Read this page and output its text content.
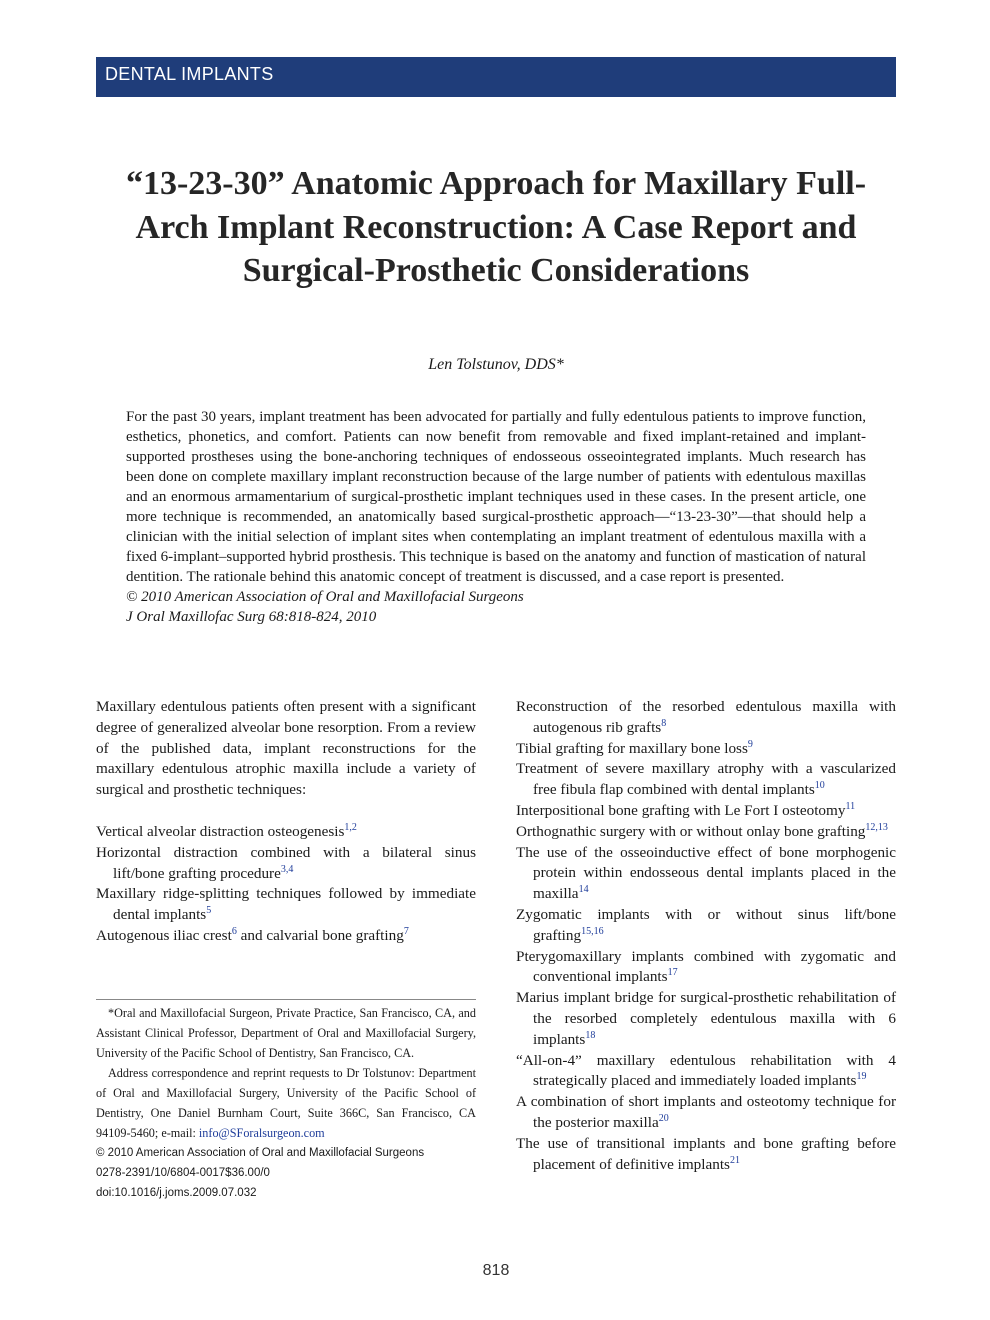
DENTAL IMPLANTS
“13-23-30” Anatomic Approach for Maxillary Full-Arch Implant Reconstruction: A Case Report and Surgical-Prosthetic Considerations
Len Tolstunov, DDS*

For the past 30 years, implant treatment has been advocated for partially and fully edentulous patients to improve function, esthetics, phonetics, and comfort. Patients can now benefit from removable and fixed implant-retained and implant-supported prostheses using the bone-anchoring techniques of endosseous osseointegrated implants. Much research has been done on complete maxillary implant reconstruction because of the large number of patients with edentulous maxillas and an enormous armamentarium of surgical-prosthetic implant techniques used in these cases. In the present article, one more technique is recommended, an anatomically based surgical-prosthetic approach—“13-23-30”—that should help a clinician with the initial selection of implant sites when contemplating an implant treatment of edentulous maxilla with a fixed 6-implant–supported hybrid prosthesis. This technique is based on the anatomy and function of mastication of natural dentition. The rationale behind this anatomic concept of treatment is discussed, and a case report is presented.

© 2010 American Association of Oral and Maxillofacial Surgeons
J Oral Maxillofac Surg 68:818-824, 2010

Maxillary edentulous patients often present with a significant degree of generalized alveolar bone resorption. From a review of the published data, implant reconstructions for the maxillary edentulous atrophic maxilla include a variety of surgical and prosthetic techniques:

Vertical alveolar distraction osteogenesis$^{1,2}$
Horizontal distraction combined with a bilateral sinus lift/bone grafting procedure$^{3,4}$
Maxillary ridge-splitting techniques followed by immediate dental implants$^5$
Autogenous iliac crest$^6$ and calvarial bone grafting$^7$
Reconstruction of the resorbed edentulous maxilla with autogenous rib grafts$^8$
Tibial grafting for maxillary bone loss$^9$
Treatment of severe maxillary atrophy with a vascularized free fibula flap combined with dental implants$^{10}$
Interpositional bone grafting with Le Fort I osteotomy$^{11}$
Orthognathic surgery with or without onlay bone grafting$^{12,13}$
The use of the osseoinductive effect of bone morphogenic protein within endosseous dental implants placed in the maxilla$^{14}$
Zygomatic implants with or without sinus lift/bone grafting$^{15,16}$
Pterygomaxillary implants combined with zygomatic and conventional implants$^{17}$
Marius implant bridge for surgical-prosthetic rehabilitation of the resorbed completely edentulous maxilla with 6 implants$^{18}$
“All-on-4” maxillary edentulous rehabilitation with 4 strategically placed and immediately loaded implants$^{19}$
A combination of short implants and osteotomy technique for the posterior maxilla$^{20}$
The use of transitional implants and bone grafting before placement of definitive implants$^{21}$

*Oral and Maxillofacial Surgeon, Private Practice, San Francisco, CA, and Assistant Clinical Professor, Department of Oral and Maxillofacial Surgery, University of the Pacific School of Dentistry, San Francisco, CA.

Address correspondence and reprint requests to Dr Tolstunov: Department of Oral and Maxillofacial Surgery, University of the Pacific School of Dentistry, One Daniel Burnham Court, Suite 366C, San Francisco, CA 94109-5460; e-mail: info@SForalsurgeon.com

© 2010 American Association of Oral and Maxillofacial Surgeons
0278-2391/10/6804-0017$36.00/0
doi:10.1016/j.joms.2009.07.032
818
